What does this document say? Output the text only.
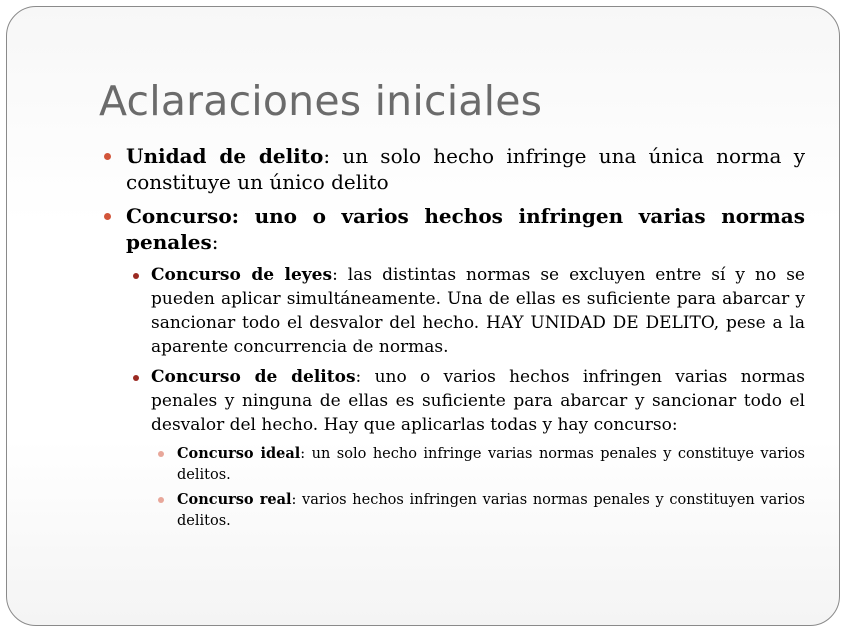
Aclaraciones iniciales
Unidad de delito: un solo hecho infringe una única norma y constituye un único delito
Concurso: uno o varios hechos infringen varias normas penales:
Concurso de leyes: las distintas normas se excluyen entre sí y no se pueden aplicar simultáneamente. Una de ellas es suficiente para abarcar y sancionar todo el desvalor del hecho. HAY UNIDAD DE DELITO, pese a la aparente concurrencia de normas.
Concurso de delitos: uno o varios hechos infringen varias normas penales y ninguna de ellas es suficiente para abarcar y sancionar todo el desvalor del hecho. Hay que aplicarlas todas y hay concurso:
Concurso ideal: un solo hecho infringe varias normas penales y constituye varios delitos.
Concurso real: varios hechos infringen varias normas penales y constituyen varios delitos.
